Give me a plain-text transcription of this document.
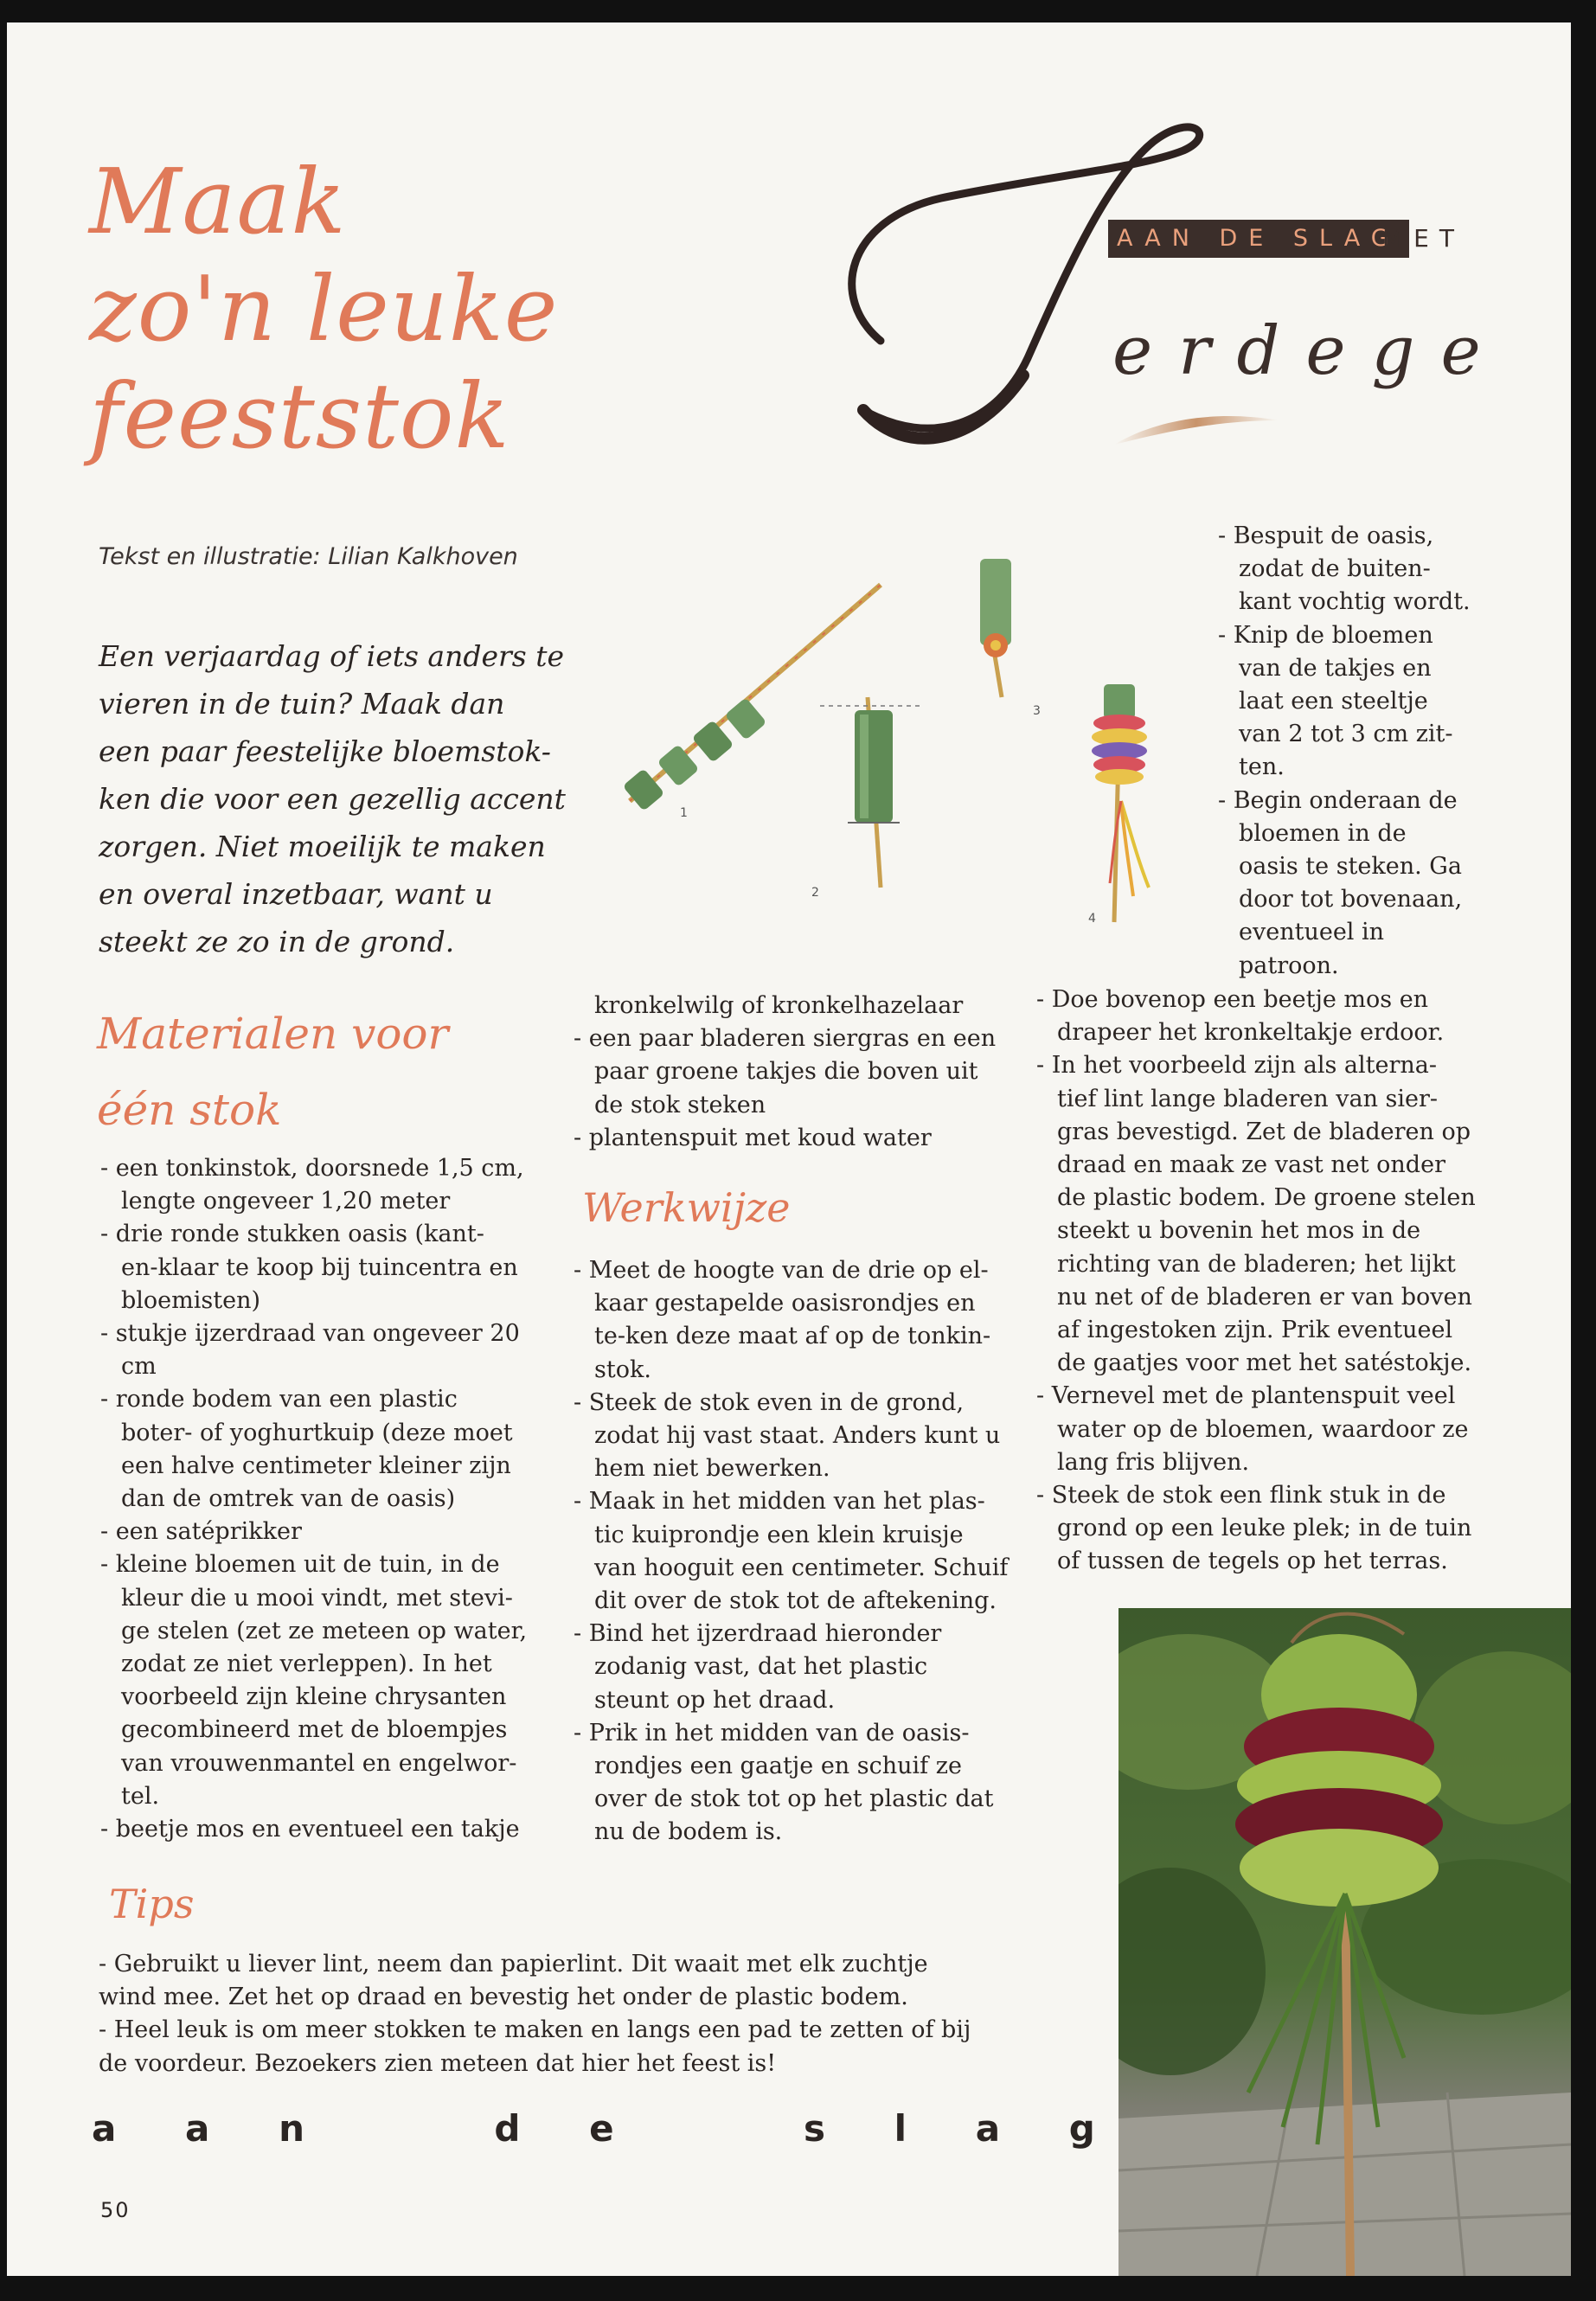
Maak
zo'n leuke
feeststok
AAN DE SLAG
MET
erdege
Tekst en illustratie: Lilian Kalkhoven
Een verjaardag of iets anders te
vieren in de tuin? Maak dan
een paar feestelijke bloemstok-
ken die voor een gezellig accent
zorgen. Niet moeilijk te maken
en overal inzetbaar, want u
steekt ze zo in de grond.
Materialen voor
één stok
- een tonkinstok, doorsnede 1,5 cm,
lengte ongeveer 1,20 meter
- drie ronde stukken oasis (kant-
en-klaar te koop bij tuincentra en
bloemisten)
- stukje ijzerdraad van ongeveer 20
cm
- ronde bodem van een plastic
boter- of yoghurtkuip (deze moet
een halve centimeter kleiner zijn
dan de omtrek van de oasis)
- een satéprikker
- kleine bloemen uit de tuin, in de
kleur die u mooi vindt, met stevi-
ge stelen (zet ze meteen op water,
zodat ze niet verleppen). In het
voorbeeld zijn kleine chrysanten
gecombineerd met de bloempjes
van vrouwenmantel en engelwor-
tel.
- beetje mos en eventueel een takje
1
2
3
4
kronkelwilg of kronkelhazelaar
- een paar bladeren siergras en een
paar groene takjes die boven uit
de stok steken
- plantenspuit met koud water
Werkwijze
- Meet de hoogte van de drie op el-
kaar gestapelde oasisrondjes en
te-ken deze maat af op de tonkin-
stok.
- Steek de stok even in de grond,
zodat hij vast staat. Anders kunt u
hem niet bewerken.
- Maak in het midden van het plas-
tic kuiprondje een klein kruisje
van hooguit een centimeter. Schuif
dit over de stok tot de aftekening.
- Bind het ijzerdraad hieronder
zodanig vast, dat het plastic
steunt op het draad.
- Prik in het midden van de oasis-
rondjes een gaatje en schuif ze
over de stok tot op het plastic dat
nu de bodem is.
- Bespuit de oasis,
zodat de buiten-
kant vochtig wordt.
- Knip de bloemen
van de takjes en
laat een steeltje
van 2 tot 3 cm zit-
ten.
- Begin onderaan de
bloemen in de
oasis te steken. Ga
door tot bovenaan,
eventueel in
patroon.
- Doe bovenop een beetje mos en
drapeer het kronkeltakje erdoor.
- In het voorbeeld zijn als alterna-
tief lint lange bladeren van sier-
gras bevestigd. Zet de bladeren op
draad en maak ze vast net onder
de plastic bodem. De groene stelen
steekt u bovenin het mos in de
richting van de bladeren; het lijkt
nu net of de bladeren er van boven
af ingestoken zijn. Prik eventueel
de gaatjes voor met het satéstokje.
- Vernevel met de plantenspuit veel
water op de bloemen, waardoor ze
lang fris blijven.
- Steek de stok een flink stuk in de
grond op een leuke plek; in de tuin
of tussen de tegels op het terras.
Tips
- Gebruikt u liever lint, neem dan papierlint. Dit waait met elk zuchtje
wind mee. Zet het op draad en bevestig het onder de plastic bodem.
- Heel leuk is om meer stokken te maken en langs een pad te zetten of bij
de voordeur. Bezoekers zien meteen dat hier het feest is!
a a n	d e	s l a g
50
